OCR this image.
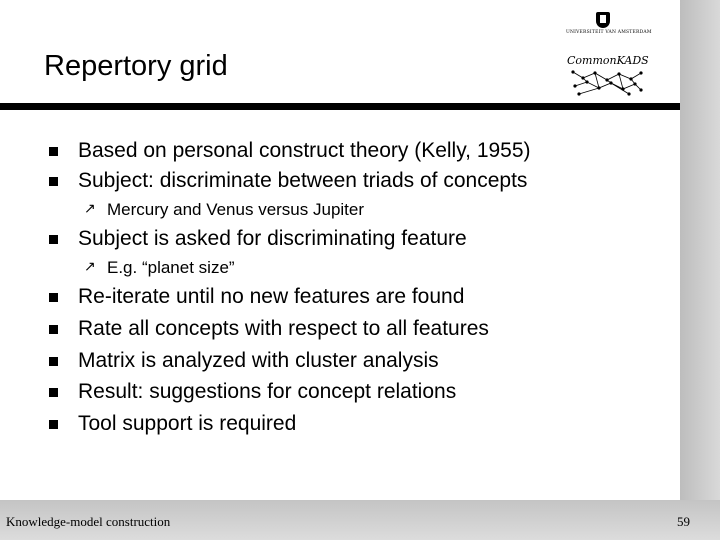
UNIVERSITEIT VAN AMSTERDAM
CommonKADS
Repertory grid
Based on personal construct theory (Kelly, 1955)
Subject: discriminate between triads of concepts
↗ Mercury and Venus versus Jupiter
Subject is asked for discriminating feature
↗ E.g. “planet size”
Re-iterate until no new features are found
Rate all concepts with respect to all features
Matrix is analyzed with cluster analysis
Result: suggestions for concept relations
Tool support is required
Knowledge-model construction	59
